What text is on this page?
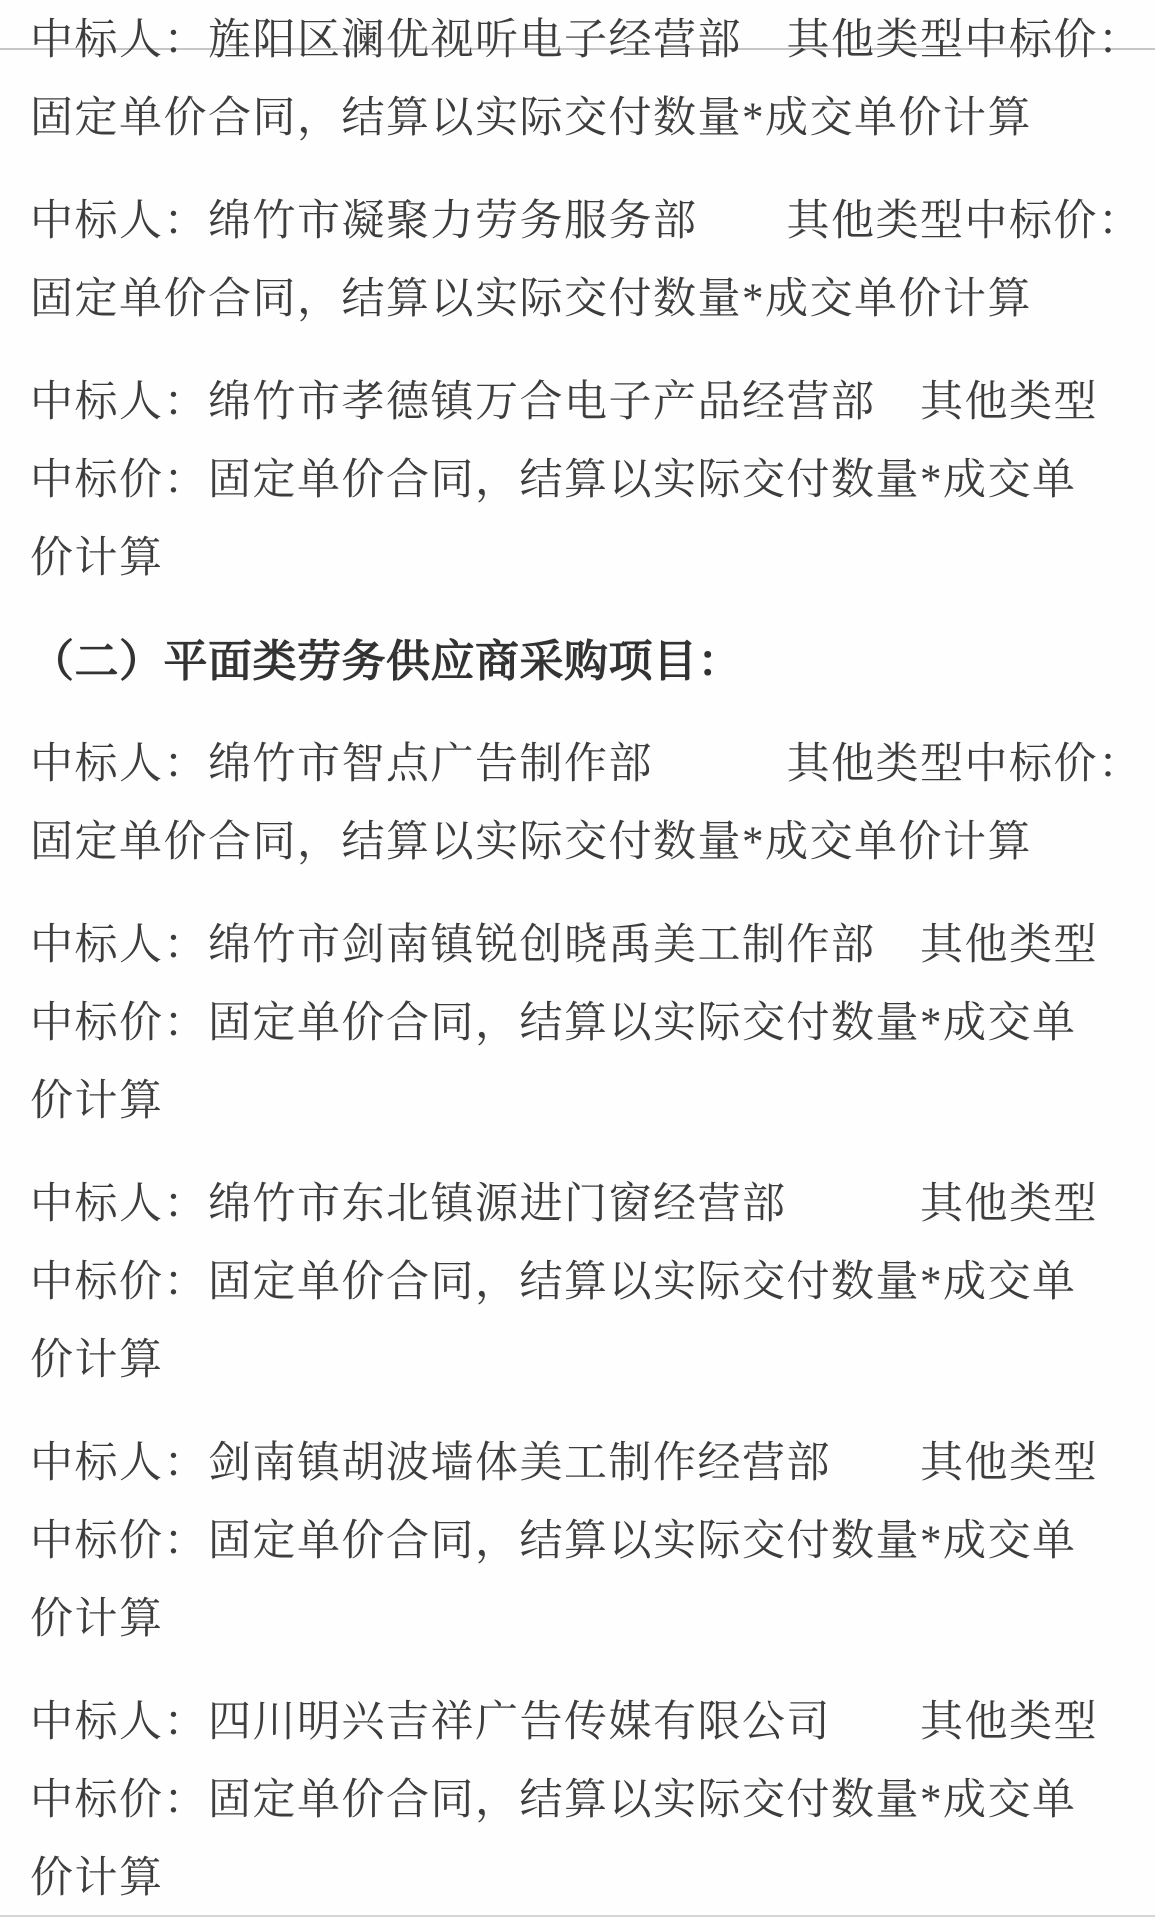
中标人：旌阳区澜优视听电子经营部　其他类型中标价：
固定单价合同，结算以实际交付数量*成交单价计算

中标人：绵竹市凝聚力劳务服务部　　其他类型中标价：
固定单价合同，结算以实际交付数量*成交单价计算

中标人：绵竹市孝德镇万合电子产品经营部　其他类型
中标价：固定单价合同，结算以实际交付数量*成交单
价计算

（二）平面类劳务供应商采购项目：

中标人：绵竹市智点广告制作部　　　其他类型中标价：
固定单价合同，结算以实际交付数量*成交单价计算

中标人：绵竹市剑南镇锐创晓禹美工制作部　其他类型
中标价：固定单价合同，结算以实际交付数量*成交单
价计算

中标人：绵竹市东北镇源进门窗经营部　　　其他类型
中标价：固定单价合同，结算以实际交付数量*成交单
价计算

中标人：剑南镇胡波墙体美工制作经营部　　其他类型
中标价：固定单价合同，结算以实际交付数量*成交单
价计算

中标人：四川明兴吉祥广告传媒有限公司　　其他类型
中标价：固定单价合同，结算以实际交付数量*成交单
价计算
